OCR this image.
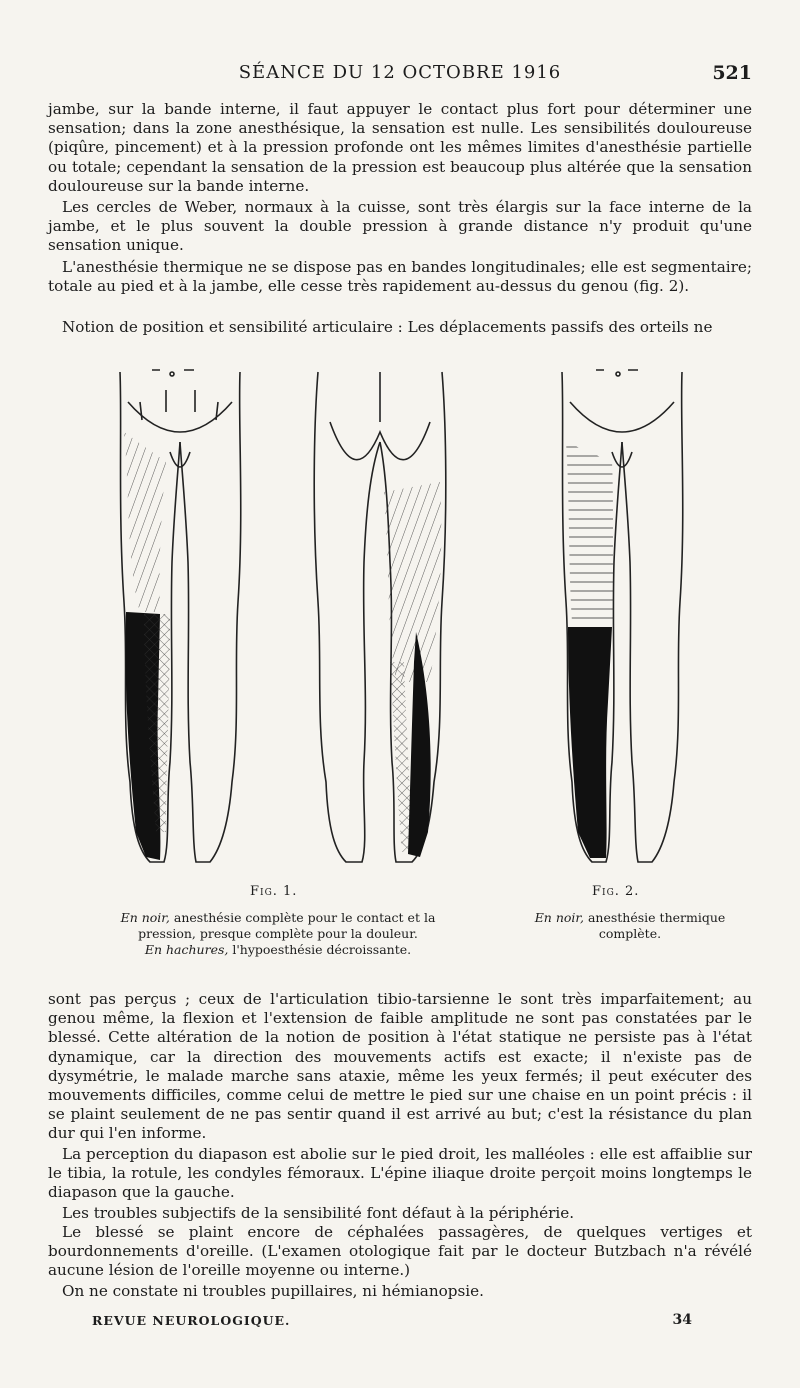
SÉANCE DU 12 OCTOBRE 1916	521

jambe, sur la bande interne, il faut appuyer le contact plus fort pour déterminer une sensation; dans la zone anesthésique, la sensation est nulle. Les sensibilités douloureuse (piqûre, pincement) et à la pression profonde ont les mêmes limites d'anesthésie partielle ou totale; cependant la sensation de la pression est beaucoup plus altérée que la sensation douloureuse sur la bande interne.

Les cercles de Weber, normaux à la cuisse, sont très élargis sur la face interne de la jambe, et le plus souvent la double pression à grande distance n'y produit qu'une sensation unique.

L'anesthésie thermique ne se dispose pas en bandes longitudinales; elle est segmentaire; totale au pied et à la jambe, elle cesse très rapidement au-dessus du genou (fig. 2).

Notion de position et sensibilité articulaire : Les déplacements passifs des orteils ne

Fig. 1.	Fig. 2.
En noir, anesthésie complète pour le contact et la
pression, presque complète pour la douleur.
En hachures, l'hypoesthésie décroissante.
En noir, anesthésie thermique
complète.

sont pas perçus ; ceux de l'articulation tibio-tarsienne le sont très imparfaitement; au genou même, la flexion et l'extension de faible amplitude ne sont pas constatées par le blessé. Cette altération de la notion de position à l'état statique ne persiste pas à l'état dynamique, car la direction des mouvements actifs est exacte; il n'existe pas de dysymétrie, le malade marche sans ataxie, même les yeux fermés; il peut exécuter des mouvements difficiles, comme celui de mettre le pied sur une chaise en un point précis : il se plaint seulement de ne pas sentir quand il est arrivé au but; c'est la résistance du plan dur qui l'en informe.

La perception du diapason est abolie sur le pied droit, les malléoles : elle est affaiblie sur le tibia, la rotule, les condyles fémoraux. L'épine iliaque droite perçoit moins longtemps le diapason que la gauche.

Les troubles subjectifs de la sensibilité font défaut à la périphérie.

Le blessé se plaint encore de céphalées passagères, de quelques vertiges et bourdonnements d'oreille. (L'examen otologique fait par le docteur Butzbach n'a révélé aucune lésion de l'oreille moyenne ou interne.)

On ne constate ni troubles pupillaires, ni hémianopsie.

REVUE NEUROLOGIQUE.	34
